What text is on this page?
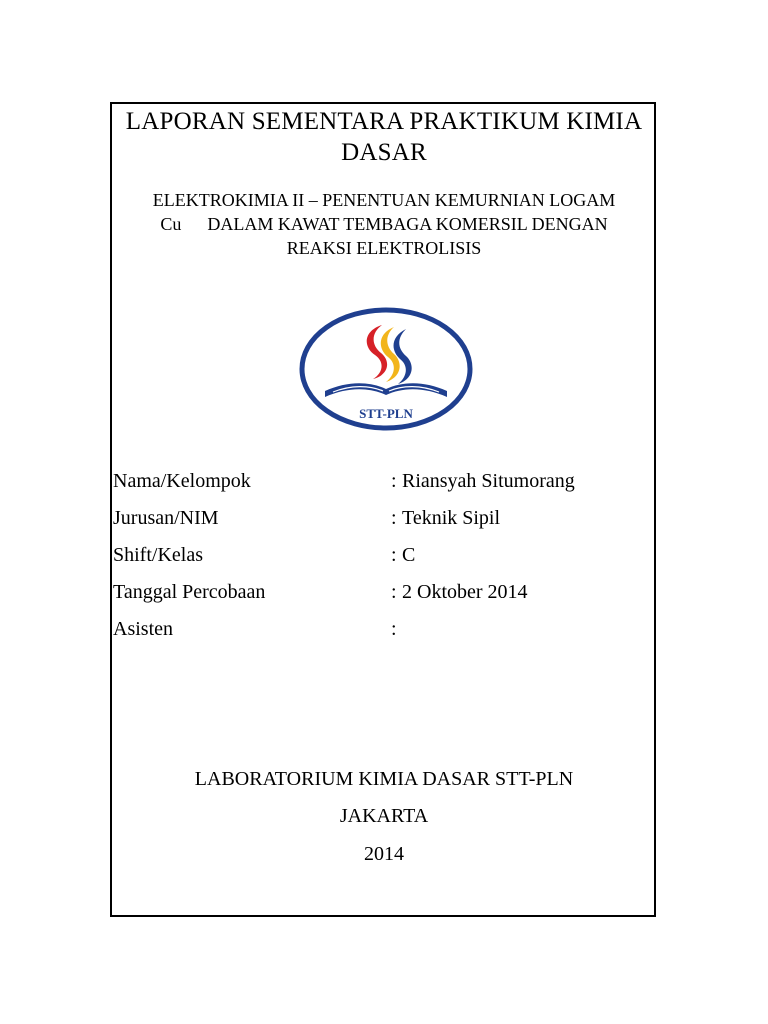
LAPORAN SEMENTARA PRAKTIKUM KIMIA
DASAR
ELEKTROKIMIA II – PENENTUAN KEMURNIAN LOGAM
Cu DALAM KAWAT TEMBAGA KOMERSIL DENGAN
REAKSI ELEKTROLISIS
STT-PLN
Nama/Kelompok	: Riansyah Situmorang
Jurusan/NIM	: Teknik Sipil
Shift/Kelas	: C
Tanggal Percobaan	: 2 Oktober 2014
Asisten	:
LABORATORIUM KIMIA DASAR STT-PLN
JAKARTA
2014
